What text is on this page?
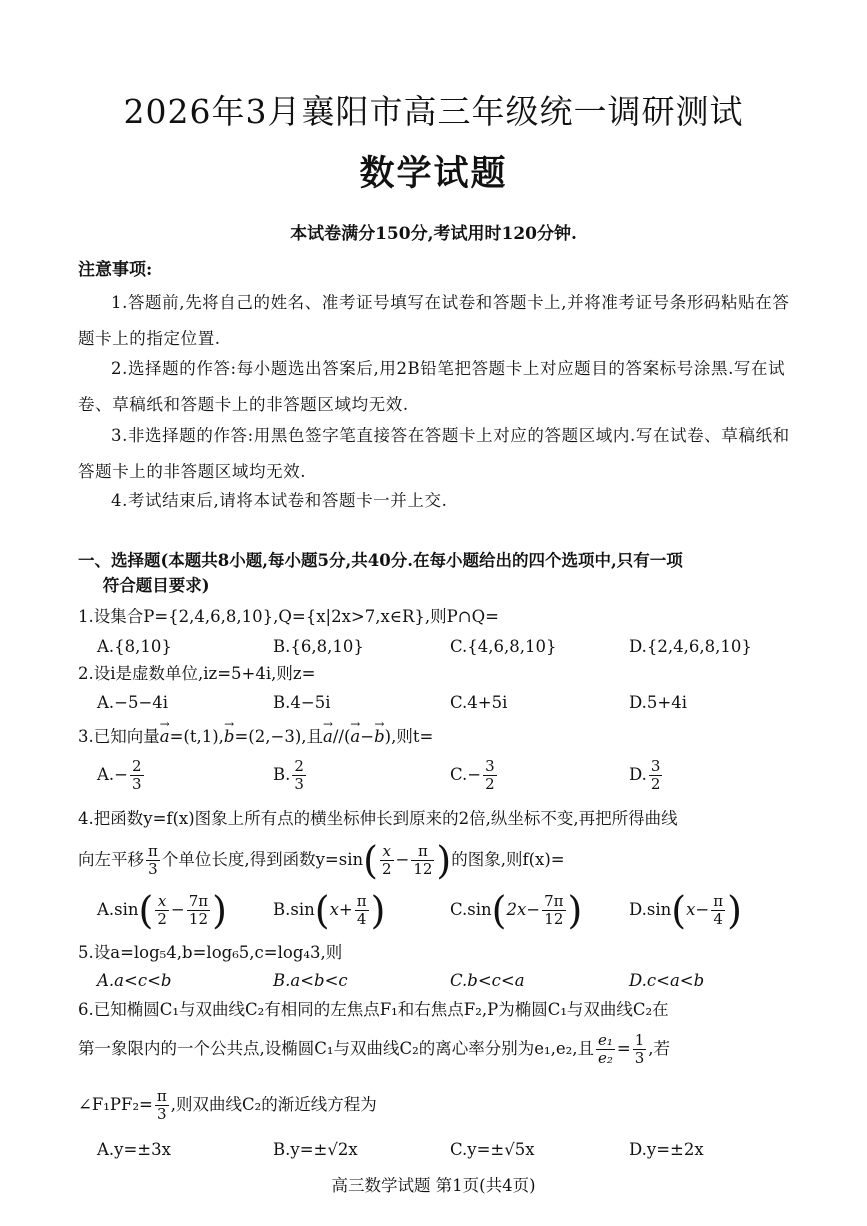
2026年3月襄阳市高三年级统一调研测试
数学试题
本试卷满分150分,考试用时120分钟.
注意事项:
1.答题前,先将自己的姓名、准考证号填写在试卷和答题卡上,并将准考证号条形码粘贴在答题卡上的指定位置.
2.选择题的作答:每小题选出答案后,用2B铅笔把答题卡上对应题目的答案标号涂黑.写在试卷、草稿纸和答题卡上的非答题区域均无效.
3.非选择题的作答:用黑色签字笔直接答在答题卡上对应的答题区域内.写在试卷、草稿纸和答题卡上的非答题区域均无效.
4.考试结束后,请将本试卷和答题卡一并上交.
一、选择题(本题共8小题,每小题5分,共40分.在每小题给出的四个选项中,只有一项
符合题目要求)
1.设集合P={2,4,6,8,10},Q={x|2x>7,x∈R},则P∩Q=
A.{8,10}	B.{6,8,10}	C.{4,6,8,10}	D.{2,4,6,8,10}
2.设i是虚数单位,iz=5+4i,则z=
A.−5−4i	B.4−5i	C.4+5i	D.5+4i
3.已知向量→ a=(t,1),→ b=(2,−3),且→ a//(→ a−→ b),则t=
$A.- \frac{2}{3}$	B. $\frac{2}{3}$	$C.- \frac{3}{2}$	D. $\frac{3}{2}$
4.把函数y=f(x)图象上所有点的横坐标伸长到原来的2倍,纵坐标不变,再把所得曲线
向左平移 $\frac{\pi}{3}$ 个单位长度,得到函数$y=\sin( \frac{x}{2} - \frac{\pi}{12}$ )的图象,则f(x)=
$A.\sin( \frac{x}{2} - \frac{7\pi}{12}$ )	$B.\sin(x+ \frac{\pi}{4}$ )	$C.\sin(2x- \frac{7\pi}{12}$ )	$D.\sin(x- \frac{\pi}{4}$ )
5.设a=log₅4,b=log₆5,c=log₄3,则
A.a<c<b	B.a<b<c	C.b<c<a	D.c<a<b
6.已知椭圆C₁与双曲线C₂有相同的左焦点F₁和右焦点F₂,P为椭圆C₁与双曲线C₂在
第一象限内的一个公共点,设椭圆C₁与双曲线C₂的离心率分别为e₁,e₂,且 $\frac{\text{e₁}}{\text{e₂}} = \frac{1}{3}$ ,若
∠F₁PF₂= $\frac{\pi}{3}$ ,则双曲线C₂的渐近线方程为
A.y=±3x	B.y=±√2x	C.y=±√5x	D.y=±2x
高三数学试题 第1页(共4页)
